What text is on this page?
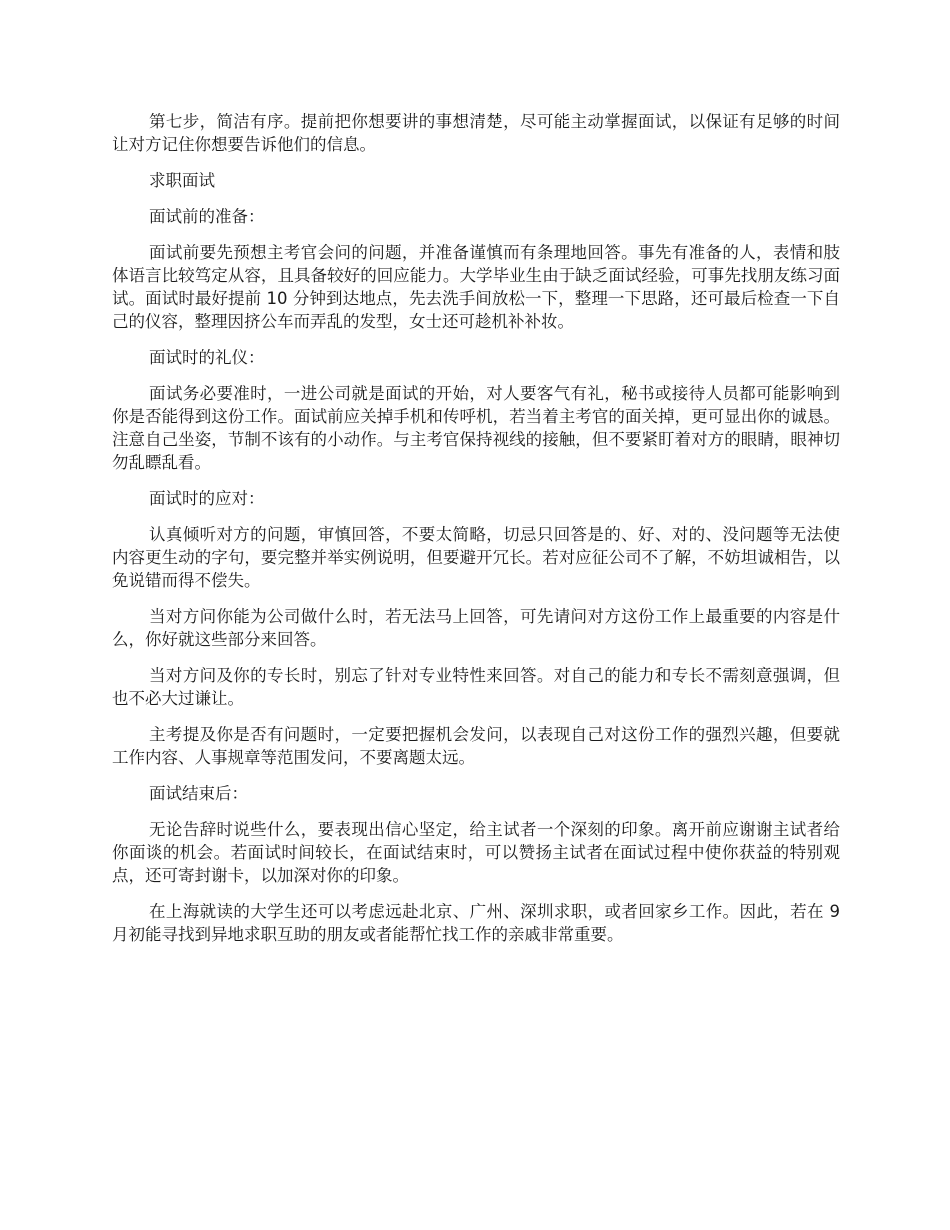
第七步，简洁有序。提前把你想要讲的事想清楚，尽可能主动掌握面试，以保证有足够的时间让对方记住你想要告诉他们的信息。

求职面试

面试前的准备：

面试前要先预想主考官会问的问题，并准备谨慎而有条理地回答。事先有准备的人，表情和肢体语言比较笃定从容，且具备较好的回应能力。大学毕业生由于缺乏面试经验，可事先找朋友练习面试。面试时最好提前 10 分钟到达地点，先去洗手间放松一下，整理一下思路，还可最后检查一下自己的仪容，整理因挤公车而弄乱的发型，女士还可趁机补补妆。

面试时的礼仪：

面试务必要准时，一进公司就是面试的开始，对人要客气有礼，秘书或接待人员都可能影响到你是否能得到这份工作。面试前应关掉手机和传呼机，若当着主考官的面关掉，更可显出你的诚恳。注意自己坐姿，节制不该有的小动作。与主考官保持视线的接触，但不要紧盯着对方的眼睛，眼神切勿乱瞟乱看。

面试时的应对：

认真倾听对方的问题，审慎回答，不要太简略，切忌只回答是的、好、对的、没问题等无法使内容更生动的字句，要完整并举实例说明，但要避开冗长。若对应征公司不了解，不妨坦诚相告，以免说错而得不偿失。

当对方问你能为公司做什么时，若无法马上回答，可先请问对方这份工作上最重要的内容是什么，你好就这些部分来回答。

当对方问及你的专长时，别忘了针对专业特性来回答。对自己的能力和专长不需刻意强调，但也不必大过谦让。

主考提及你是否有问题时，一定要把握机会发问，以表现自己对这份工作的强烈兴趣，但要就工作内容、人事规章等范围发问，不要离题太远。

面试结束后：

无论告辞时说些什么，要表现出信心坚定，给主试者一个深刻的印象。离开前应谢谢主试者给你面谈的机会。若面试时间较长，在面试结束时，可以赞扬主试者在面试过程中使你获益的特别观点，还可寄封谢卡，以加深对你的印象。

在上海就读的大学生还可以考虑远赴北京、广州、深圳求职，或者回家乡工作。因此，若在 9 月初能寻找到异地求职互助的朋友或者能帮忙找工作的亲戚非常重要。
